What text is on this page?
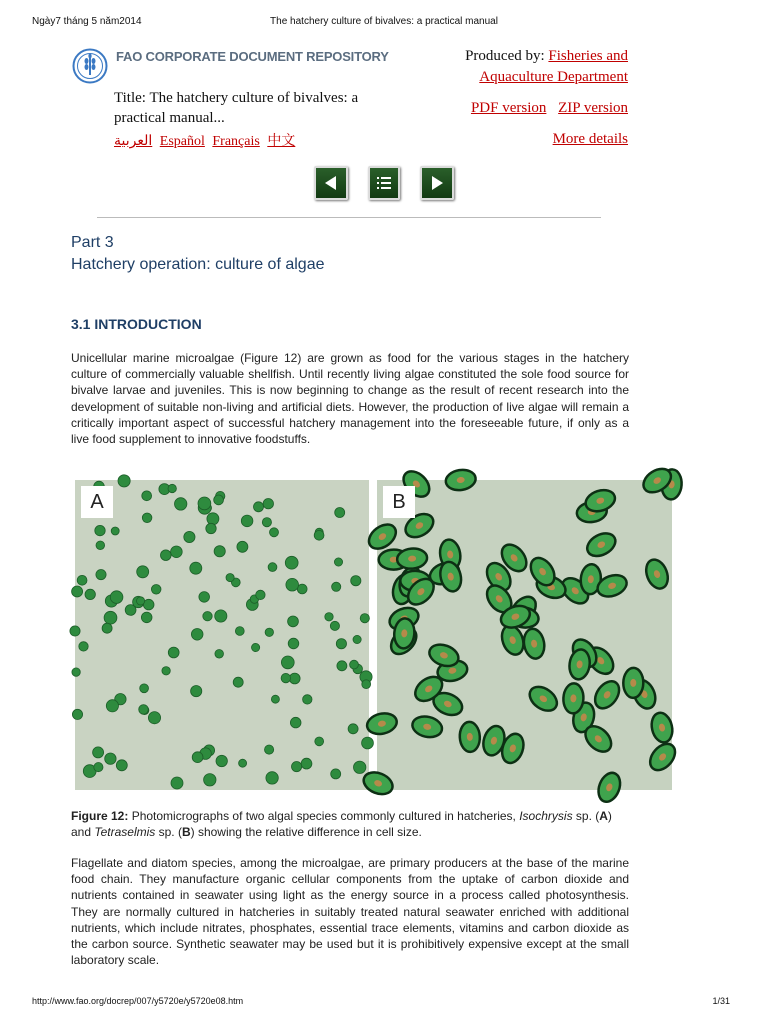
Ngày7 tháng 5 năm2014	The hatchery culture of bivalves: a practical manual
FAO CORPORATE DOCUMENT REPOSITORY
Title: The hatchery culture of bivalves: a practical manual...
العربية Español Français 中文
Produced by: Fisheries and Aquaculture Department
PDF version ZIP version
More details

Part 3
Hatchery operation: culture of algae
3.1 INTRODUCTION
Unicellular marine microalgae (Figure 12) are grown as food for the various stages in the hatchery culture of commercially valuable shellfish. Until recently living algae constituted the sole food source for bivalve larvae and juveniles. This is now beginning to change as the result of recent research into the development of suitable non-living and artificial diets. However, the production of live algae will remain a critically important aspect of successful hatchery management into the foreseeable future, if only as a live food supplement to innovative foodstuffs.
A	B
Figure 12: Photomicrographs of two algal species commonly cultured in hatcheries, Isochrysis sp. (A) and Tetraselmis sp. (B) showing the relative difference in cell size.
Flagellate and diatom species, among the microalgae, are primary producers at the base of the marine food chain. They manufacture organic cellular components from the uptake of carbon dioxide and nutrients contained in seawater using light as the energy source in a process called photosynthesis. They are normally cultured in hatcheries in suitably treated natural seawater enriched with additional nutrients, which include nitrates, phosphates, essential trace elements, vitamins and carbon dioxide as the carbon source. Synthetic seawater may be used but it is prohibitively expensive except at the small laboratory scale.
http://www.fao.org/docrep/007/y5720e/y5720e08.htm	1/31
